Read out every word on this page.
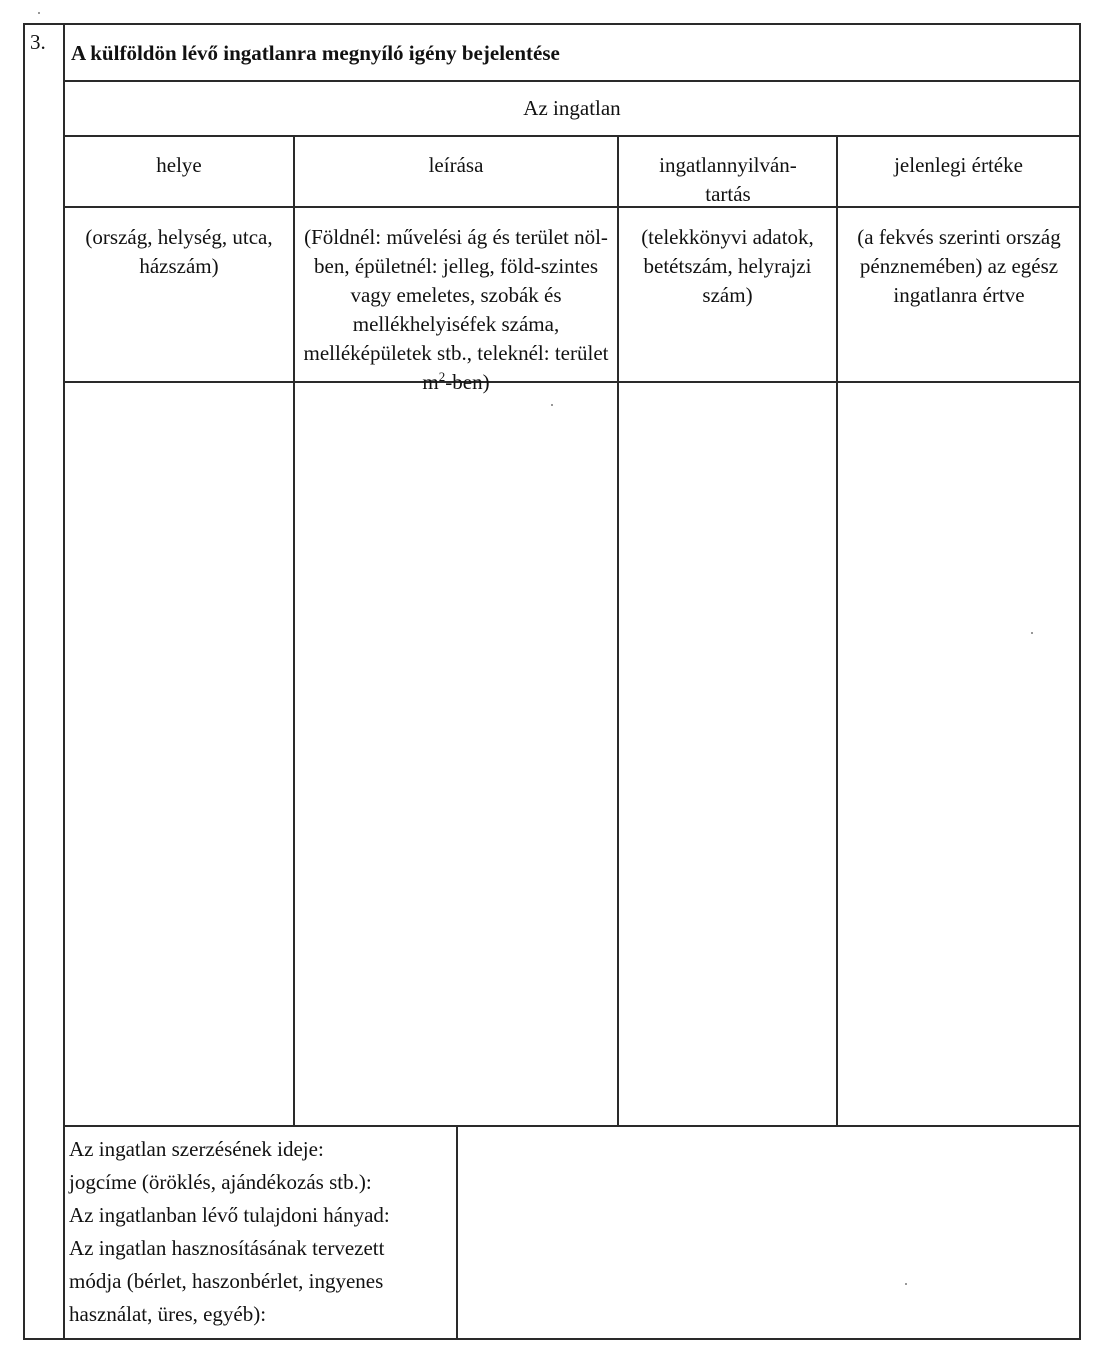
3. A külföldön lévő ingatlanra megnyíló igény bejelentése
Az ingatlan
helye	leírása	ingatlannyilván-tartás
jelenlegi értéke
(ország, helység, utca, házszám)
(Földnél: művelési ág és terület nöl-ben, épületnél: jelleg, föld-szintes vagy emeletes, szobák és mellékhelyiséfek száma, melléképületek stb., teleknél: terület $m^2-ben$)
(telekkönyvi adatok, betétszám, helyrajzi szám)
(a fekvés szerinti ország pénznemében) az egész ingatlanra értve
Az ingatlan szerzésének ideje:
jogcíme (öröklés, ajándékozás stb.):
Az ingatlanban lévő tulajdoni hányad:
Az ingatlan hasznosításának tervezett
módja (bérlet, haszonbérlet, ingyenes
használat, üres, egyéb):
